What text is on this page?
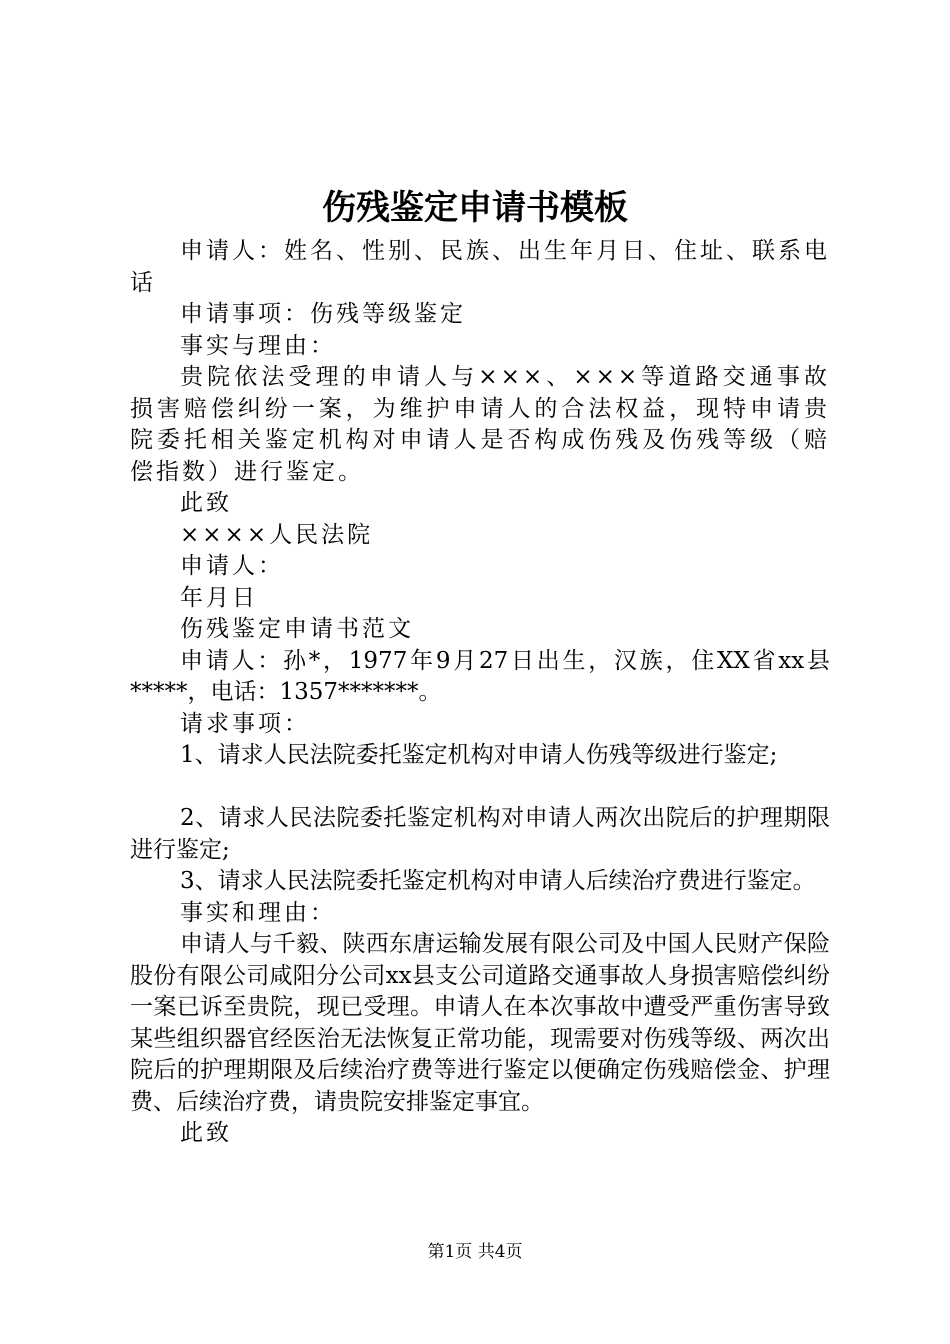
伤残鉴定申请书模板

申请人：姓名、性别、民族、出生年月日、住址、联系电话

申请事项：伤残等级鉴定

事实与理由：

贵院依法受理的申请人与×××、×××等道路交通事故损害赔偿纠纷一案，为维护申请人的合法权益，现特申请贵院委托相关鉴定机构对申请人是否构成伤残及伤残等级（赔偿指数）进行鉴定。

此致

××××人民法院

申请人：

年月日

伤残鉴定申请书范文

申请人：孙*，1977年9月27日出生，汉族，住XX省xx县*****，电话：1357*******。

请求事项：

1、请求人民法院委托鉴定机构对申请人伤残等级进行鉴定;

2、请求人民法院委托鉴定机构对申请人两次出院后的护理期限进行鉴定;

3、请求人民法院委托鉴定机构对申请人后续治疗费进行鉴定。

事实和理由：

申请人与千毅、陕西东唐运输发展有限公司及中国人民财产保险股份有限公司咸阳分公司xx县支公司道路交通事故人身损害赔偿纠纷一案已诉至贵院，现已受理。申请人在本次事故中遭受严重伤害导致某些组织器官经医治无法恢复正常功能，现需要对伤残等级、两次出院后的护理期限及后续治疗费等进行鉴定以便确定伤残赔偿金、护理费、后续治疗费，请贵院安排鉴定事宜。

此致

第1页 共4页
